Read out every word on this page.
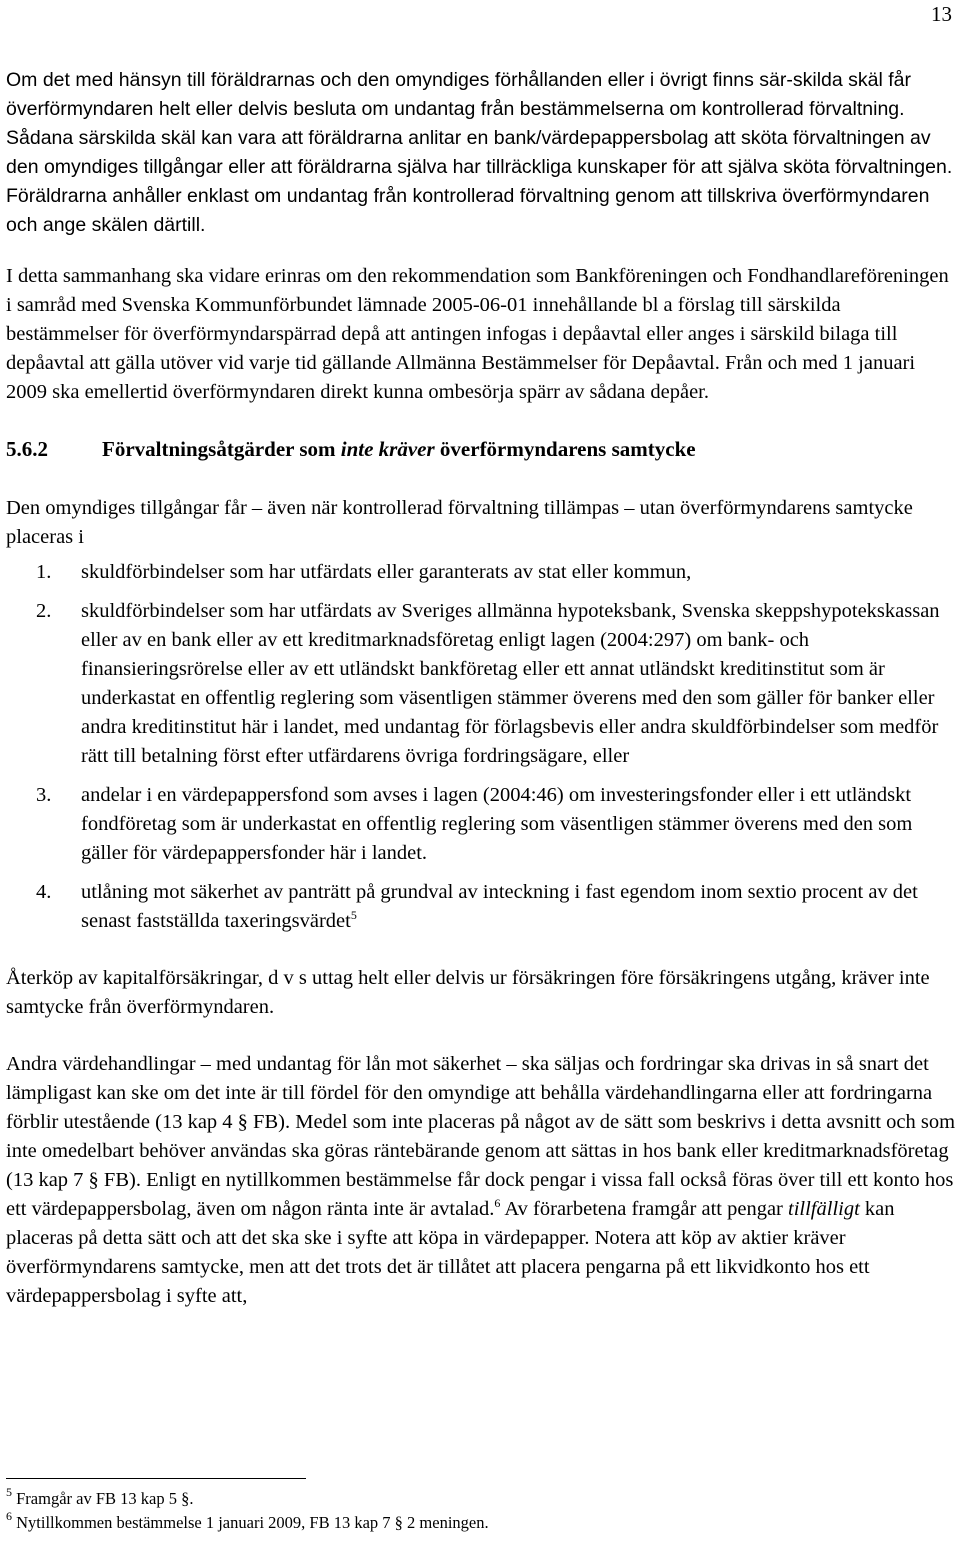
13

Om det med hänsyn till föräldrarnas och den omyndiges förhållanden eller i övrigt finns sär-skilda skäl får överförmyndaren helt eller delvis besluta om undantag från bestämmelserna om kontrollerad förvaltning. Sådana särskilda skäl kan vara att föräldrarna anlitar en bank/värdepappersbolag att sköta förvaltningen av den omyndiges tillgångar eller att föräldrarna själva har tillräckliga kunskaper för att själva sköta förvaltningen. Föräldrarna anhåller enklast om undantag från kontrollerad förvaltning genom att tillskriva överförmyndaren och ange skälen därtill.

I detta sammanhang ska vidare erinras om den rekommendation som Bankföreningen och Fondhandlareföreningen i samråd med Svenska Kommunförbundet lämnade 2005-06-01 innehållande bl a förslag till särskilda bestämmelser för överförmyndarspärrad depå att antingen infogas i depåavtal eller anges i särskild bilaga till depåavtal att gälla utöver vid varje tid gällande Allmänna Bestämmelser för Depåavtal. Från och med 1 januari 2009 ska emellertid överförmyndaren direkt kunna ombesörja spärr av sådana depåer.

5.6.2	Förvaltningsåtgärder som inte kräver överförmyndarens samtycke

Den omyndiges tillgångar får – även när kontrollerad förvaltning tillämpas – utan överförmyndarens samtycke placeras i

1.	skuldförbindelser som har utfärdats eller garanterats av stat eller kommun,
2.	skuldförbindelser som har utfärdats av Sveriges allmänna hypoteksbank, Svenska skeppshypotekskassan eller av en bank eller av ett kreditmarknadsföretag enligt lagen (2004:297) om bank- och finansieringsrörelse eller av ett utländskt bankföretag eller ett annat utländskt kreditinstitut som är underkastat en offentlig reglering som väsentligen stämmer överens med den som gäller för banker eller andra kreditinstitut här i landet, med undantag för förlagsbevis eller andra skuldförbindelser som medför rätt till betalning först efter utfärdarens övriga fordringsägare, eller
3.	andelar i en värdepappersfond som avses i lagen (2004:46) om investeringsfonder eller i ett utländskt fondföretag som är underkastat en offentlig reglering som väsentligen stämmer överens med den som gäller för värdepappersfonder här i landet.
4.	utlåning mot säkerhet av panträtt på grundval av inteckning i fast egendom inom sextio procent av det senast fastställda taxeringsvärdet$^5$

Återköp av kapitalförsäkringar, d v s uttag helt eller delvis ur försäkringen före försäkringens utgång, kräver inte samtycke från överförmyndaren.

Andra värdehandlingar – med undantag för lån mot säkerhet – ska säljas och fordringar ska drivas in så snart det lämpligast kan ske om det inte är till fördel för den omyndige att behålla värdehandlingarna eller att fordringarna förblir utestående (13 kap 4 § FB). Medel som inte placeras på något av de sätt som beskrivs i detta avsnitt och som inte omedelbart behöver användas ska göras räntebärande genom att sättas in hos bank eller kreditmarknadsföretag (13 kap 7 § FB). Enligt en nytillkommen bestämmelse får dock pengar i vissa fall också föras över till ett konto hos ett värdepappersbolag, även om någon ränta inte är avtalad.$^6$ Av förarbetena framgår att pengar tillfälligt kan placeras på detta sätt och att det ska ske i syfte att köpa in värdepapper. Notera att köp av aktier kräver överförmyndarens samtycke, men att det trots det är tillåtet att placera pengarna på ett likvidkonto hos ett värdepappersbolag i syfte att,

$^5$ Framgår av FB 13 kap 5 §.
$^6$ Nytillkommen bestämmelse 1 januari 2009, FB 13 kap 7 § 2 meningen.
